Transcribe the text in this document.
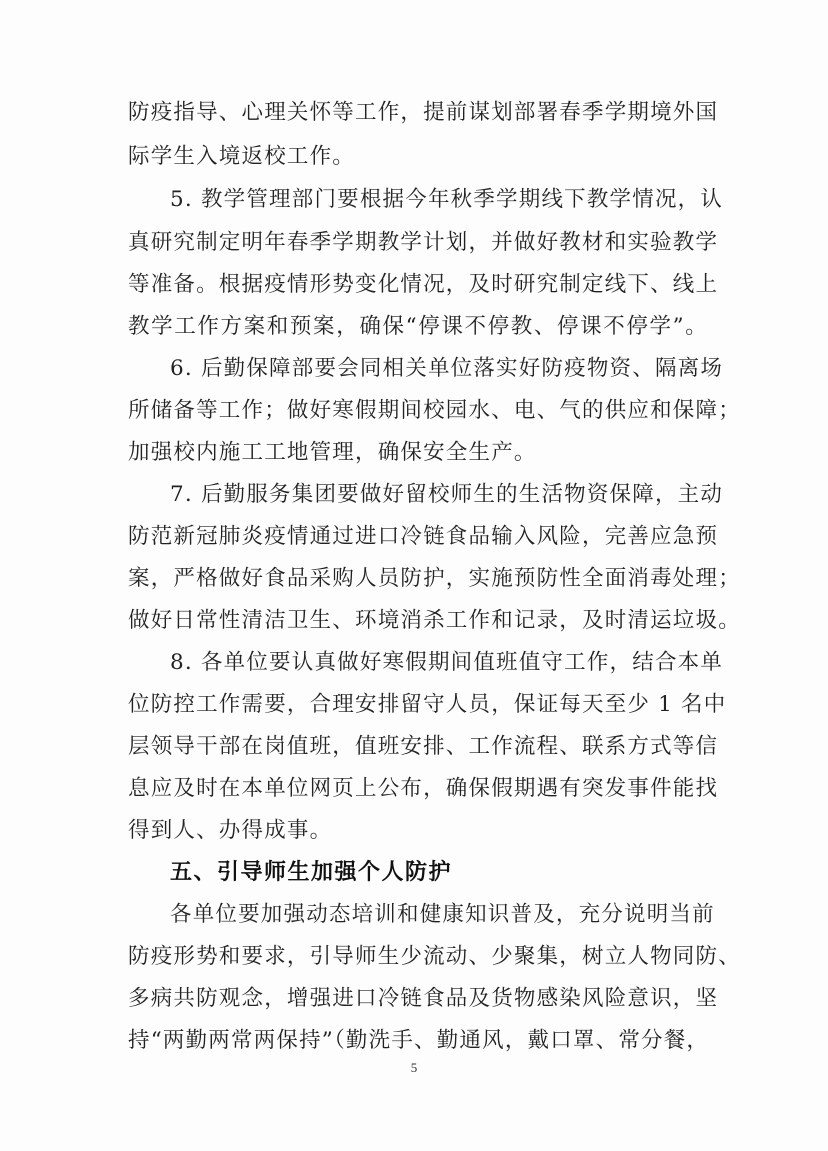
防疫指导、心理关怀等工作，提前谋划部署春季学期境外国
际学生入境返校工作。
5. 教学管理部门要根据今年秋季学期线下教学情况，认
真研究制定明年春季学期教学计划，并做好教材和实验教学
等准备。根据疫情形势变化情况，及时研究制定线下、线上
教学工作方案和预案，确保“停课不停教、停课不停学”。
6. 后勤保障部要会同相关单位落实好防疫物资、隔离场
所储备等工作；做好寒假期间校园水、电、气的供应和保障；
加强校内施工工地管理，确保安全生产。
7. 后勤服务集团要做好留校师生的生活物资保障，主动
防范新冠肺炎疫情通过进口冷链食品输入风险，完善应急预
案，严格做好食品采购人员防护，实施预防性全面消毒处理；
做好日常性清洁卫生、环境消杀工作和记录，及时清运垃圾。
8. 各单位要认真做好寒假期间值班值守工作，结合本单
位防控工作需要，合理安排留守人员，保证每天至少 1 名中
层领导干部在岗值班，值班安排、工作流程、联系方式等信
息应及时在本单位网页上公布，确保假期遇有突发事件能找
得到人、办得成事。
五、引导师生加强个人防护
各单位要加强动态培训和健康知识普及，充分说明当前
防疫形势和要求，引导师生少流动、少聚集，树立人物同防、
多病共防观念，增强进口冷链食品及货物感染风险意识，坚
持“两勤两常两保持”（勤洗手、勤通风，戴口罩、常分餐，
5
